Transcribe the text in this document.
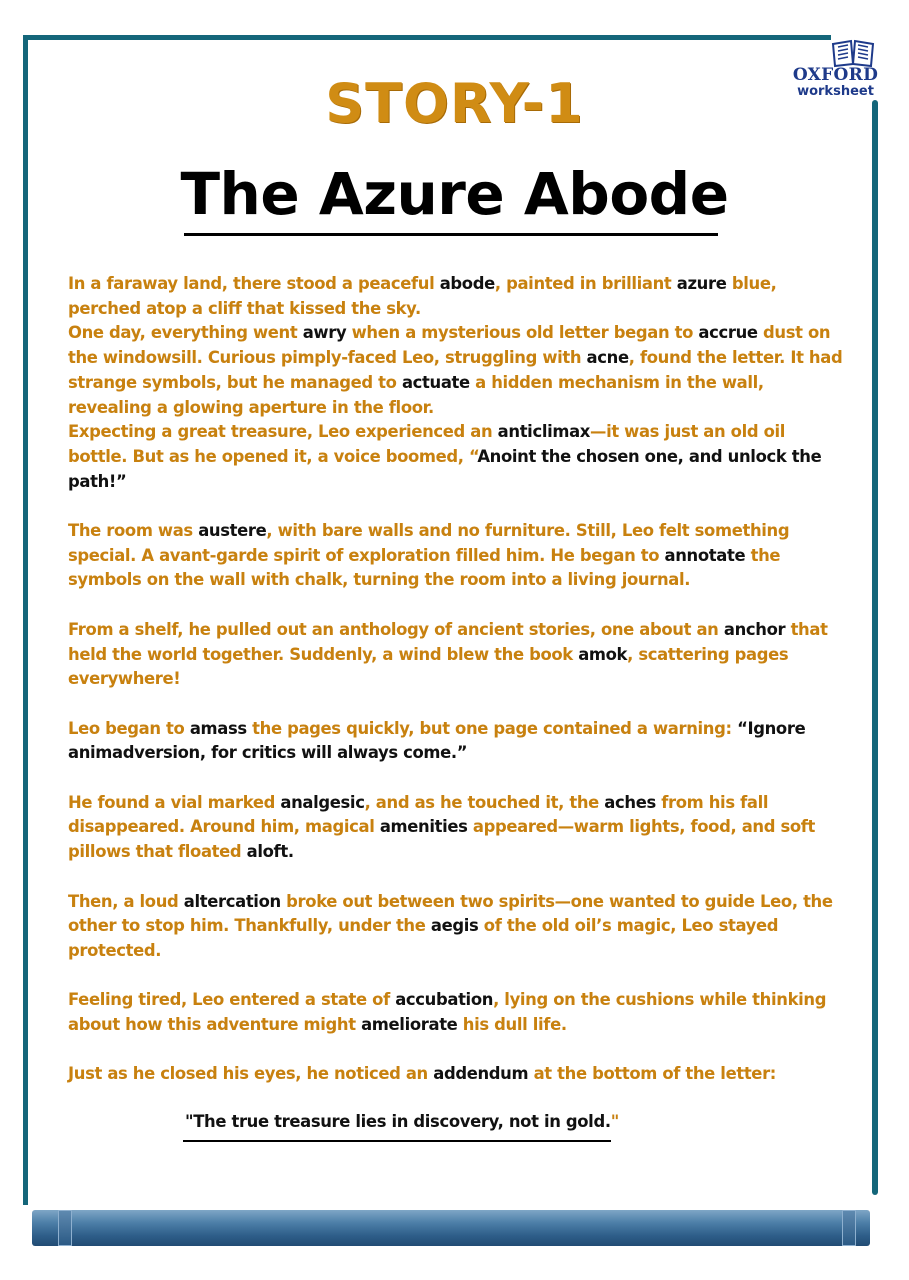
OXFORD
worksheet
STORY-1
The Azure Abode

In a faraway land, there stood a peaceful abode, painted in brilliant azure blue, perched atop a cliff that kissed the sky.

One day, everything went awry when a mysterious old letter began to accrue dust on the windowsill. Curious pimply-faced Leo, struggling with acne, found the letter. It had strange symbols, but he managed to actuate a hidden mechanism in the wall, revealing a glowing aperture in the floor.

Expecting a great treasure, Leo experienced an anticlimax—it was just an old oil bottle. But as he opened it, a voice boomed, “Anoint the chosen one, and unlock the path!”

The room was austere, with bare walls and no furniture. Still, Leo felt something special. A avant-garde spirit of exploration filled him. He began to annotate the symbols on the wall with chalk, turning the room into a living journal.

From a shelf, he pulled out an anthology of ancient stories, one about an anchor that held the world together. Suddenly, a wind blew the book amok, scattering pages everywhere!

Leo began to amass the pages quickly, but one page contained a warning: “Ignore animadversion, for critics will always come.”

He found a vial marked analgesic, and as he touched it, the aches from his fall disappeared. Around him, magical amenities appeared—warm lights, food, and soft pillows that floated aloft.

Then, a loud altercation broke out between two spirits—one wanted to guide Leo, the other to stop him. Thankfully, under the aegis of the old oil’s magic, Leo stayed protected.

Feeling tired, Leo entered a state of accubation, lying on the cushions while thinking about how this adventure might ameliorate his dull life.

Just as he closed his eyes, he noticed an addendum at the bottom of the letter:

"The true treasure lies in discovery, not in gold."
